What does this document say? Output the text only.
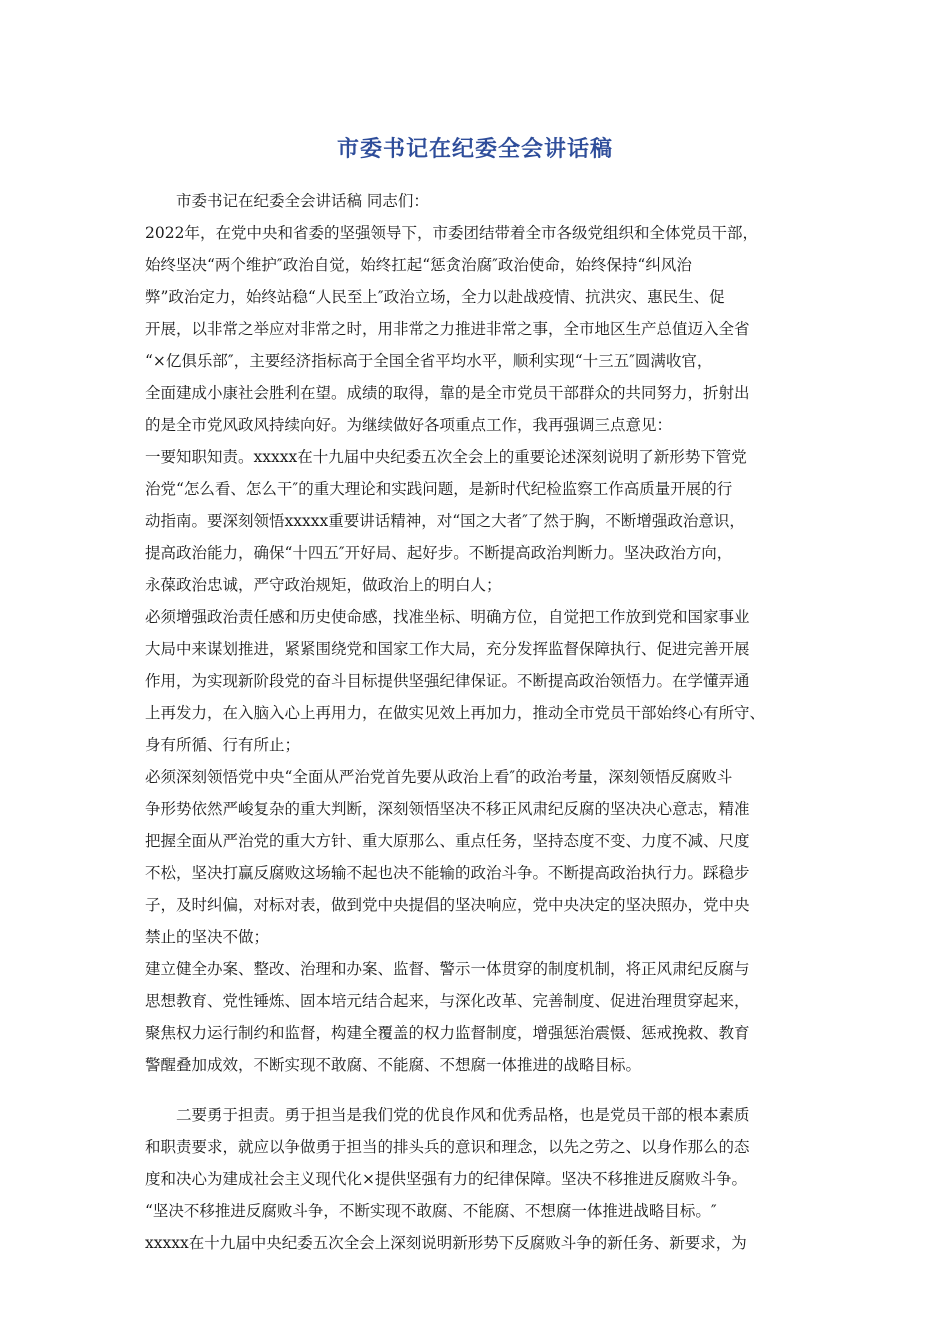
市委书记在纪委全会讲话稿
市委书记在纪委全会讲话稿 同志们：
2022年，在党中央和省委的坚强领导下，市委团结带着全市各级党组织和全体党员干部，
始终坚决“两个维护″政治自觉，始终扛起“惩贪治腐″政治使命，始终保持“纠风治
弊”政治定力，始终站稳“人民至上″政治立场，全力以赴战疫情、抗洪灾、惠民生、促
开展，以非常之举应对非常之时，用非常之力推进非常之事，全市地区生产总值迈入全省
“×亿俱乐部″，主要经济指标高于全国全省平均水平，顺利实现“十三五″圆满收官，
全面建成小康社会胜利在望。成绩的取得，靠的是全市党员干部群众的共同努力，折射出
的是全市党风政风持续向好。为继续做好各项重点工作，我再强调三点意见：
一要知职知责。xxxxx在十九届中央纪委五次全会上的重要论述深刻说明了新形势下管党
治党“怎么看、怎么干″的重大理论和实践问题，是新时代纪检监察工作高质量开展的行
动指南。要深刻领悟xxxxx重要讲话精神，对“国之大者″了然于胸，不断增强政治意识，
提高政治能力，确保“十四五″开好局、起好步。不断提高政治判断力。坚决政治方向，
永葆政治忠诚，严守政治规矩，做政治上的明白人；
必须增强政治责任感和历史使命感，找准坐标、明确方位，自觉把工作放到党和国家事业
大局中来谋划推进，紧紧围绕党和国家工作大局，充分发挥监督保障执行、促进完善开展
作用，为实现新阶段党的奋斗目标提供坚强纪律保证。不断提高政治领悟力。在学懂弄通
上再发力，在入脑入心上再用力，在做实见效上再加力，推动全市党员干部始终心有所守、
身有所循、行有所止；
必须深刻领悟党中央“全面从严治党首先要从政治上看″的政治考量，深刻领悟反腐败斗
争形势依然严峻复杂的重大判断，深刻领悟坚决不移正风肃纪反腐的坚决决心意志，精准
把握全面从严治党的重大方针、重大原那么、重点任务，坚持态度不变、力度不减、尺度
不松，坚决打赢反腐败这场输不起也决不能输的政治斗争。不断提高政治执行力。踩稳步
子，及时纠偏，对标对表，做到党中央提倡的坚决响应，党中央决定的坚决照办，党中央
禁止的坚决不做；
建立健全办案、整改、治理和办案、监督、警示一体贯穿的制度机制，将正风肃纪反腐与
思想教育、党性锤炼、固本培元结合起来，与深化改革、完善制度、促进治理贯穿起来，
聚焦权力运行制约和监督，构建全覆盖的权力监督制度，增强惩治震慑、惩戒挽救、教育
警醒叠加成效，不断实现不敢腐、不能腐、不想腐一体推进的战略目标。
二要勇于担责。勇于担当是我们党的优良作风和优秀品格，也是党员干部的根本素质
和职责要求，就应以争做勇于担当的排头兵的意识和理念，以先之劳之、以身作那么的态
度和决心为建成社会主义现代化×提供坚强有力的纪律保障。坚决不移推进反腐败斗争。
“坚决不移推进反腐败斗争，不断实现不敢腐、不能腐、不想腐一体推进战略目标。″
xxxxx在十九届中央纪委五次全会上深刻说明新形势下反腐败斗争的新任务、新要求，为
